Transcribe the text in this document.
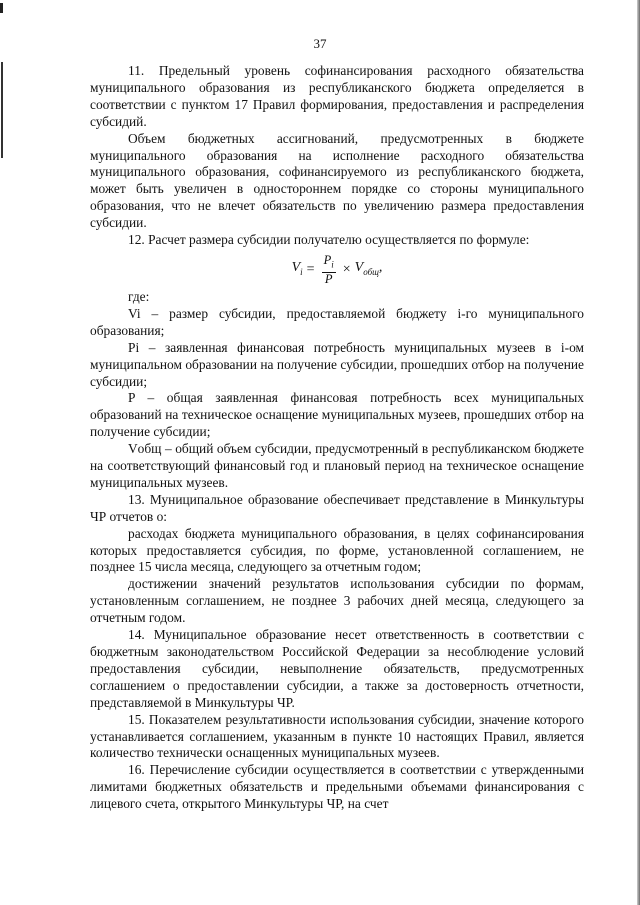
37

11. Предельный уровень софинансирования расходного обязательства муниципального образования из республиканского бюджета определяется в соответствии с пунктом 17 Правил формирования, предоставления и распределения субсидий.

Объем бюджетных ассигнований, предусмотренных в бюджете муниципального образования на исполнение расходного обязательства муниципального образования, софинансируемого из республиканского бюджета, может быть увеличен в одностороннем порядке со стороны муниципального образования, что не влечет обязательств по увеличению размера предоставления субсидии.

12. Расчет размера субсидии получателю осуществляется по формуле:

$V_i = \frac{P_i}{P} \times V_{общ}$,

где:

Vi – размер субсидии, предоставляемой бюджету i-го муниципального образования;

Pi – заявленная финансовая потребность муниципальных музеев в i-ом муниципальном образовании на получение субсидии, прошедших отбор на получение субсидии;

P – общая заявленная финансовая потребность всех муниципальных образований на техническое оснащение муниципальных музеев, прошедших отбор на получение субсидии;

Vобщ – общий объем субсидии, предусмотренный в республиканском бюджете на соответствующий финансовый год и плановый период на техническое оснащение муниципальных музеев.

13. Муниципальное образование обеспечивает представление в Минкультуры ЧР отчетов о:

расходах бюджета муниципального образования, в целях софинансирования которых предоставляется субсидия, по форме, установленной соглашением, не позднее 15 числа месяца, следующего за отчетным годом;

достижении значений результатов использования субсидии по формам, установленным соглашением, не позднее 3 рабочих дней месяца, следующего за отчетным годом.

14. Муниципальное образование несет ответственность в соответствии с бюджетным законодательством Российской Федерации за несоблюдение условий предоставления субсидии, невыполнение обязательств, предусмотренных соглашением о предоставлении субсидии, а также за достоверность отчетности, представляемой в Минкультуры ЧР.

15. Показателем результативности использования субсидии, значение которого устанавливается соглашением, указанным в пункте 10 настоящих Правил, является количество технически оснащенных муниципальных музеев.

16. Перечисление субсидии осуществляется в соответствии с утвержденными лимитами бюджетных обязательств и предельными объемами финансирования с лицевого счета, открытого Минкультуры ЧР, на счет
